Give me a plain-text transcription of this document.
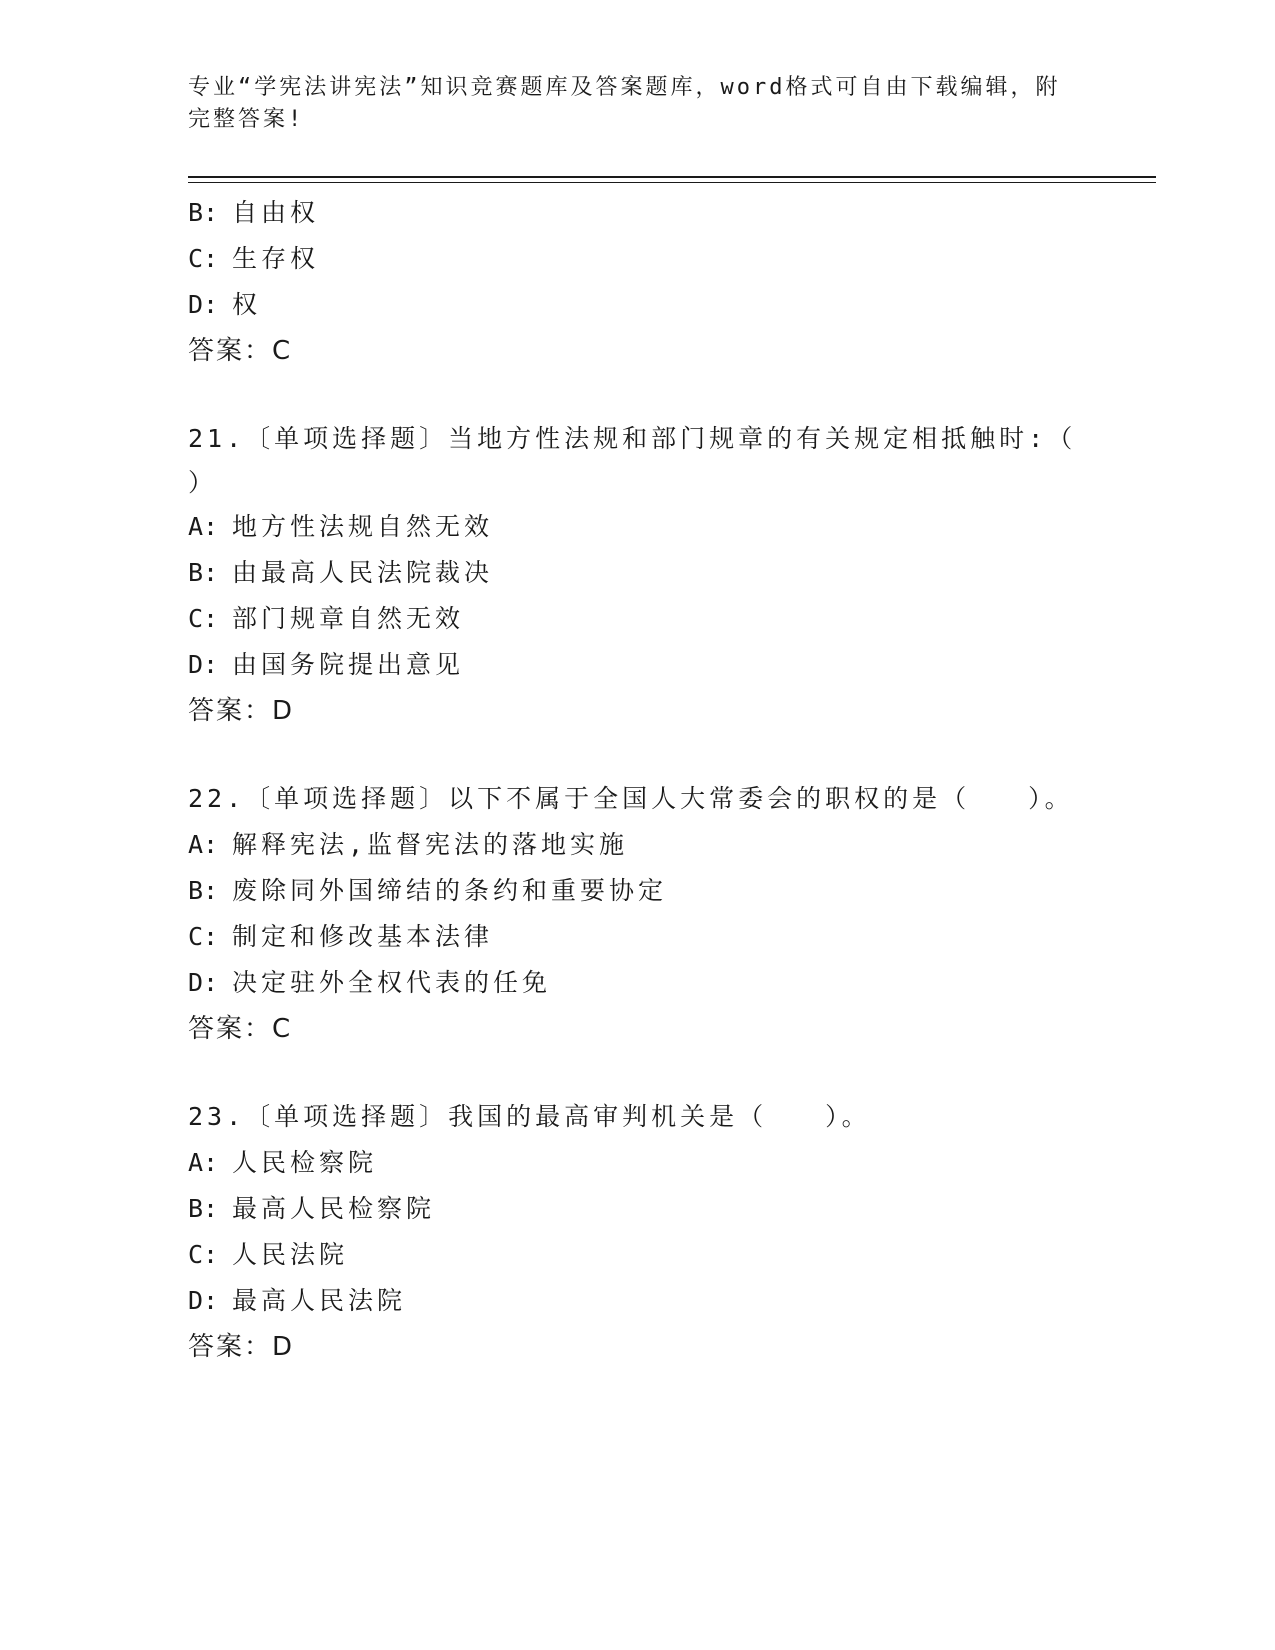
专业“学宪法讲宪法”知识竞赛题库及答案题库，word格式可自由下载编辑，附
完整答案!
B: 自由权
C: 生存权
D: 权
答案：C
21.〔单项选择题〕当地方性法规和部门规章的有关规定相抵触时:（
）
A: 地方性法规自然无效
B: 由最高人民法院裁决
C: 部门规章自然无效
D: 由国务院提出意见
答案：D
22.〔单项选择题〕以下不属于全国人大常委会的职权的是（　　）。
A: 解释宪法,监督宪法的落地实施
B: 废除同外国缔结的条约和重要协定
C: 制定和修改基本法律
D: 决定驻外全权代表的任免
答案：C
23.〔单项选择题〕我国的最高审判机关是（　　）。
A: 人民检察院
B: 最高人民检察院
C: 人民法院
D: 最高人民法院
答案：D
